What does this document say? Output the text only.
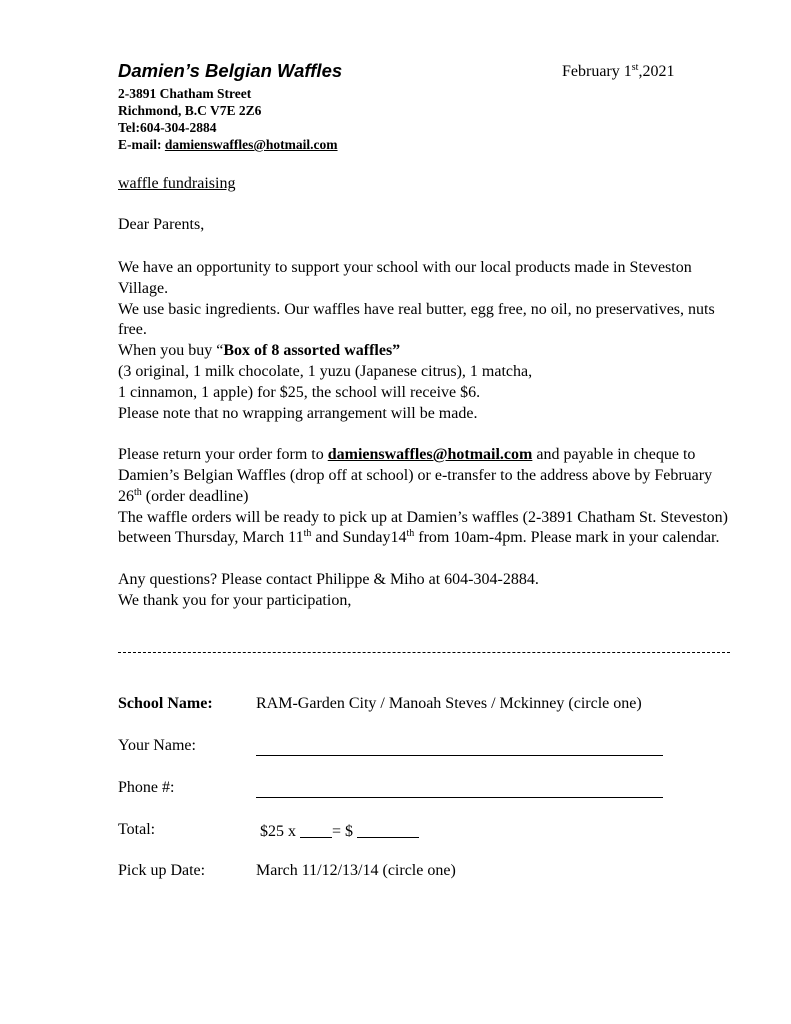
Damien’s Belgian Waffles	February 1st,2021
2-3891 Chatham Street
Richmond, B.C V7E 2Z6
Tel:604-304-2884
E-mail: damienswaffles@hotmail.com
waffle fundraising
Dear Parents,

We have an opportunity to support your school with our local products made in Steveston Village.

We use basic ingredients. Our waffles have real butter, egg free, no oil, no preservatives, nuts free.

When you buy “Box of 8 assorted waffles”

(3 original, 1 milk chocolate, 1 yuzu (Japanese citrus), 1 matcha,

1 cinnamon, 1 apple) for $25, the school will receive $6.

Please note that no wrapping arrangement will be made.

Please return your order form to damienswaffles@hotmail.com and payable in cheque to Damien’s Belgian Waffles (drop off at school) or e-transfer to the address above by February 26th (order deadline)

The waffle orders will be ready to pick up at Damien’s waffles (2-3891 Chatham St. Steveston) between Thursday, March 11th and Sunday14th from 10am-4pm. Please mark in your calendar.

Any questions? Please contact Philippe & Miho at 604-304-2884.

We thank you for your participation,

School Name:	RAM-Garden City / Manoah Steves / Mckinney (circle one)
Your Name:
Phone #:
Total:	$25 x = $
Pick up Date:	March 11/12/13/14 (circle one)
